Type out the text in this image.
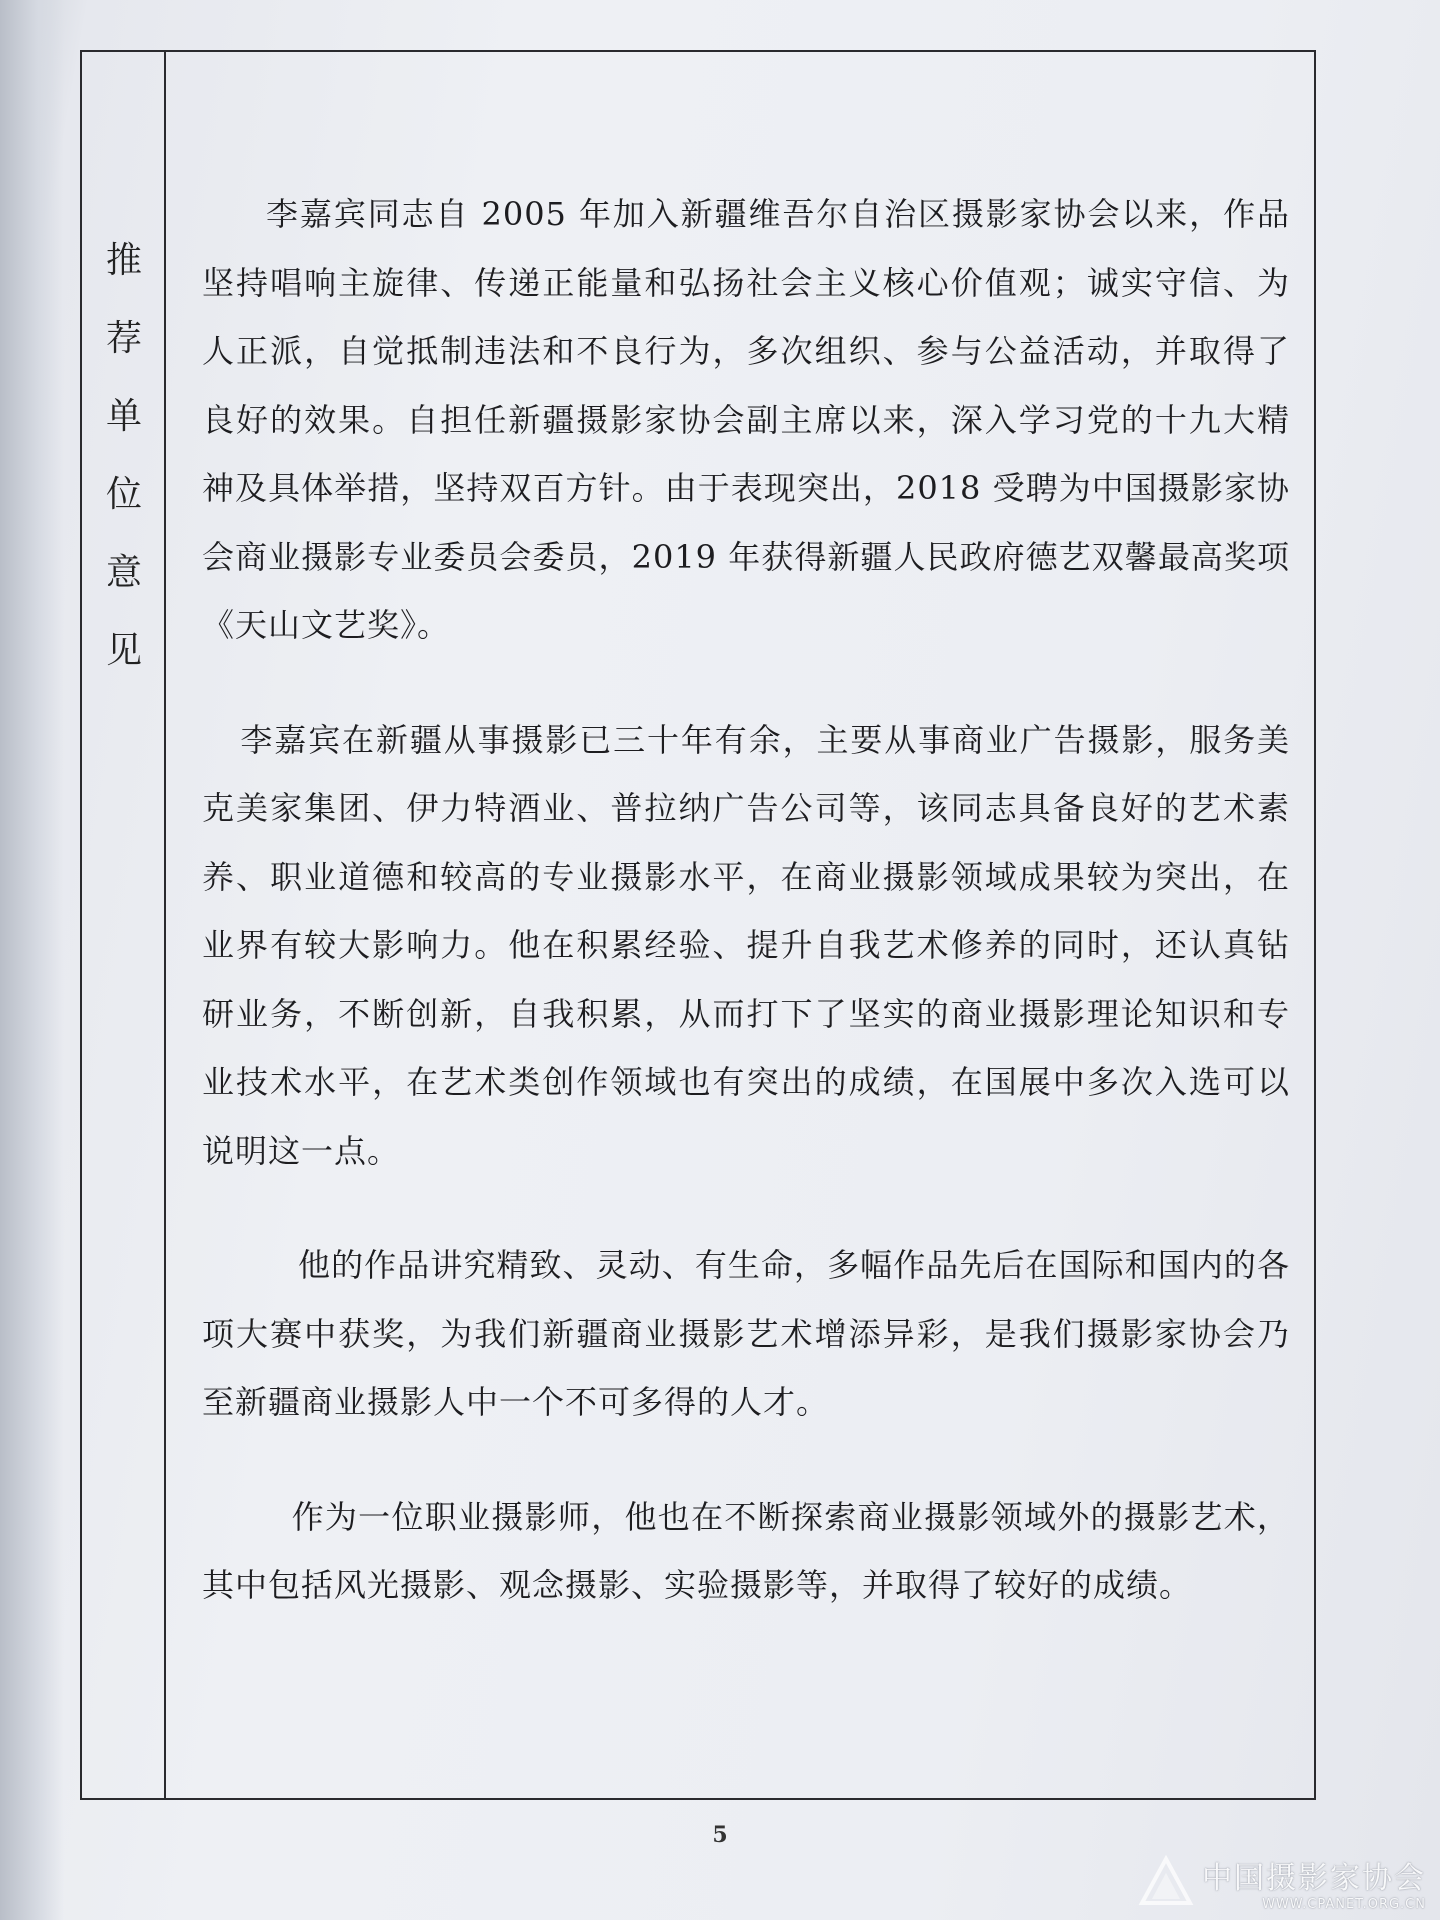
推荐单位意见

李嘉宾同志自 2005 年加入新疆维吾尔自治区摄影家协会以来，作品坚持唱响主旋律、传递正能量和弘扬社会主义核心价值观；诚实守信、为人正派，自觉抵制违法和不良行为，多次组织、参与公益活动，并取得了良好的效果。自担任新疆摄影家协会副主席以来，深入学习党的十九大精神及具体举措，坚持双百方针。由于表现突出，2018 受聘为中国摄影家协会商业摄影专业委员会委员，2019 年获得新疆人民政府德艺双馨最高奖项《天山文艺奖》。

李嘉宾在新疆从事摄影已三十年有余，主要从事商业广告摄影，服务美克美家集团、伊力特酒业、普拉纳广告公司等，该同志具备良好的艺术素养、职业道德和较高的专业摄影水平，在商业摄影领域成果较为突出，在业界有较大影响力。他在积累经验、提升自我艺术修养的同时，还认真钻研业务，不断创新，自我积累，从而打下了坚实的商业摄影理论知识和专业技术水平，在艺术类创作领域也有突出的成绩，在国展中多次入选可以说明这一点。

他的作品讲究精致、灵动、有生命，多幅作品先后在国际和国内的各项大赛中获奖，为我们新疆商业摄影艺术增添异彩，是我们摄影家协会乃至新疆商业摄影人中一个不可多得的人才。

作为一位职业摄影师，他也在不断探索商业摄影领域外的摄影艺术，其中包括风光摄影、观念摄影、实验摄影等，并取得了较好的成绩。

5
中国摄影家协会
WWW.CPANET.ORG.CN
